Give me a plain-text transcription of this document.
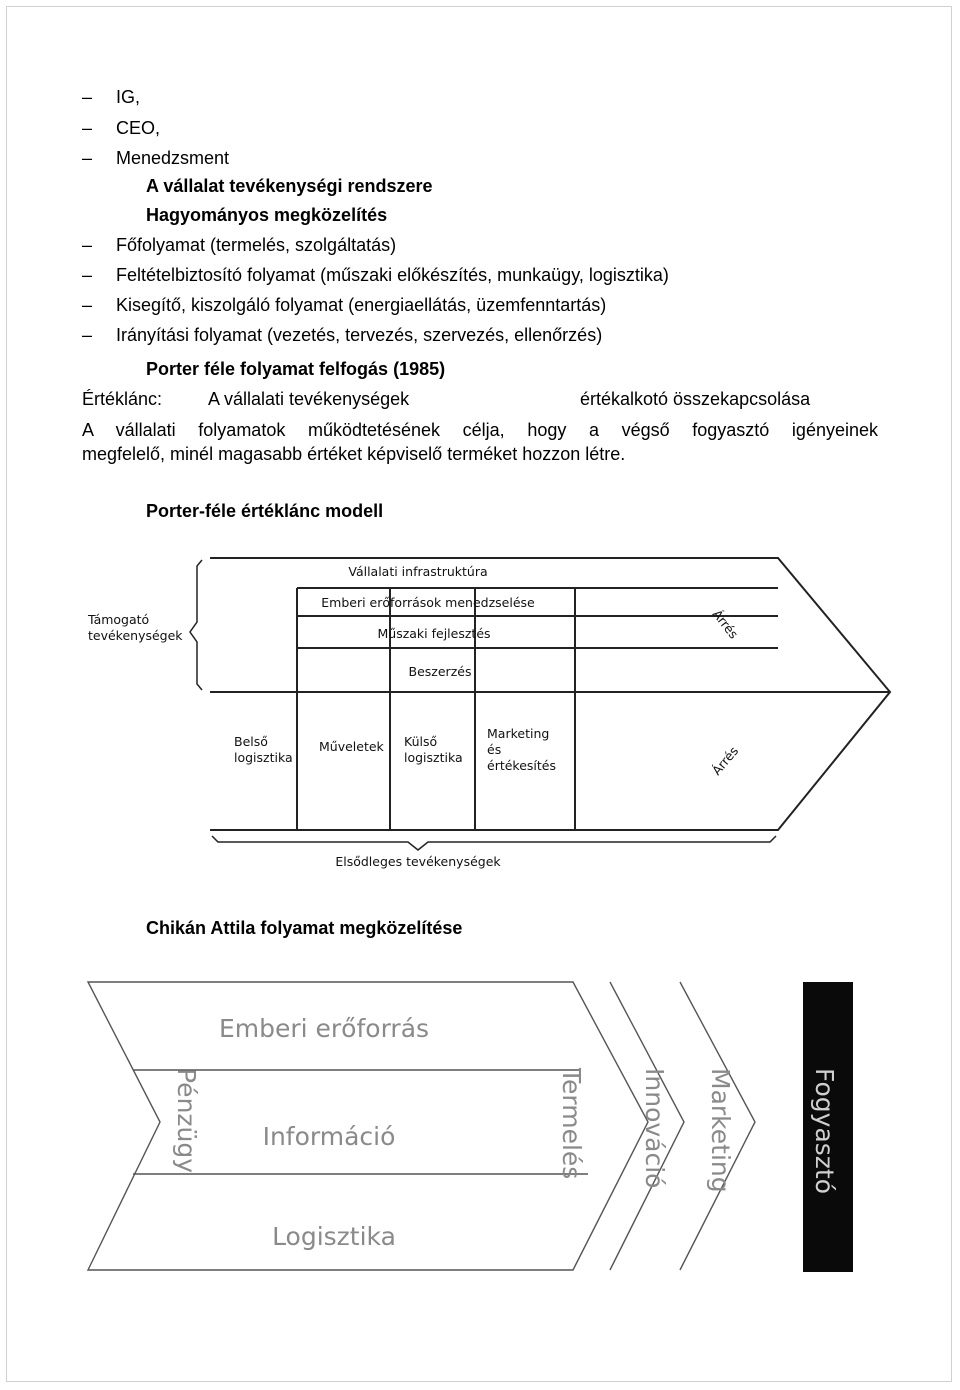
– IG,
– CEO,
– Menedzsment
A vállalat tevékenységi rendszere
Hagyományos megközelítés
– Főfolyamat (termelés, szolgáltatás)
– Feltételbiztosító folyamat (műszaki előkészítés, munkaügy, logisztika)
– Kisegítő, kiszolgáló folyamat (energiaellátás, üzemfenntartás)
– Irányítási folyamat (vezetés, tervezés, szervezés, ellenőrzés)
Porter féle folyamat felfogás (1985)
Értéklánc:	A vállalati tevékenységek	értékalkotó összekapcsolása
A vállalati folyamatok működtetésének célja, hogy a végső fogyasztó igényeinek
megfelelő, minél magasabb értéket képviselő terméket hozzon létre.
Porter-féle értéklánc modell
Támogató
tevékenységek
Vállalati infrastruktúra
Emberi erőforrások menedzselése
Műszaki fejlesztés
Beszerzés
Belső
logisztika
Műveletek Külső
logisztika
Marketing
és
értékesítés
Árrés
Árrés
Elsődleges tevékenységek
Chikán Attila folyamat megközelítése
Emberi erőforrás
Információ
Logisztika
Pénzügy	Termelés Innováció Marketing	Fogyasztó
